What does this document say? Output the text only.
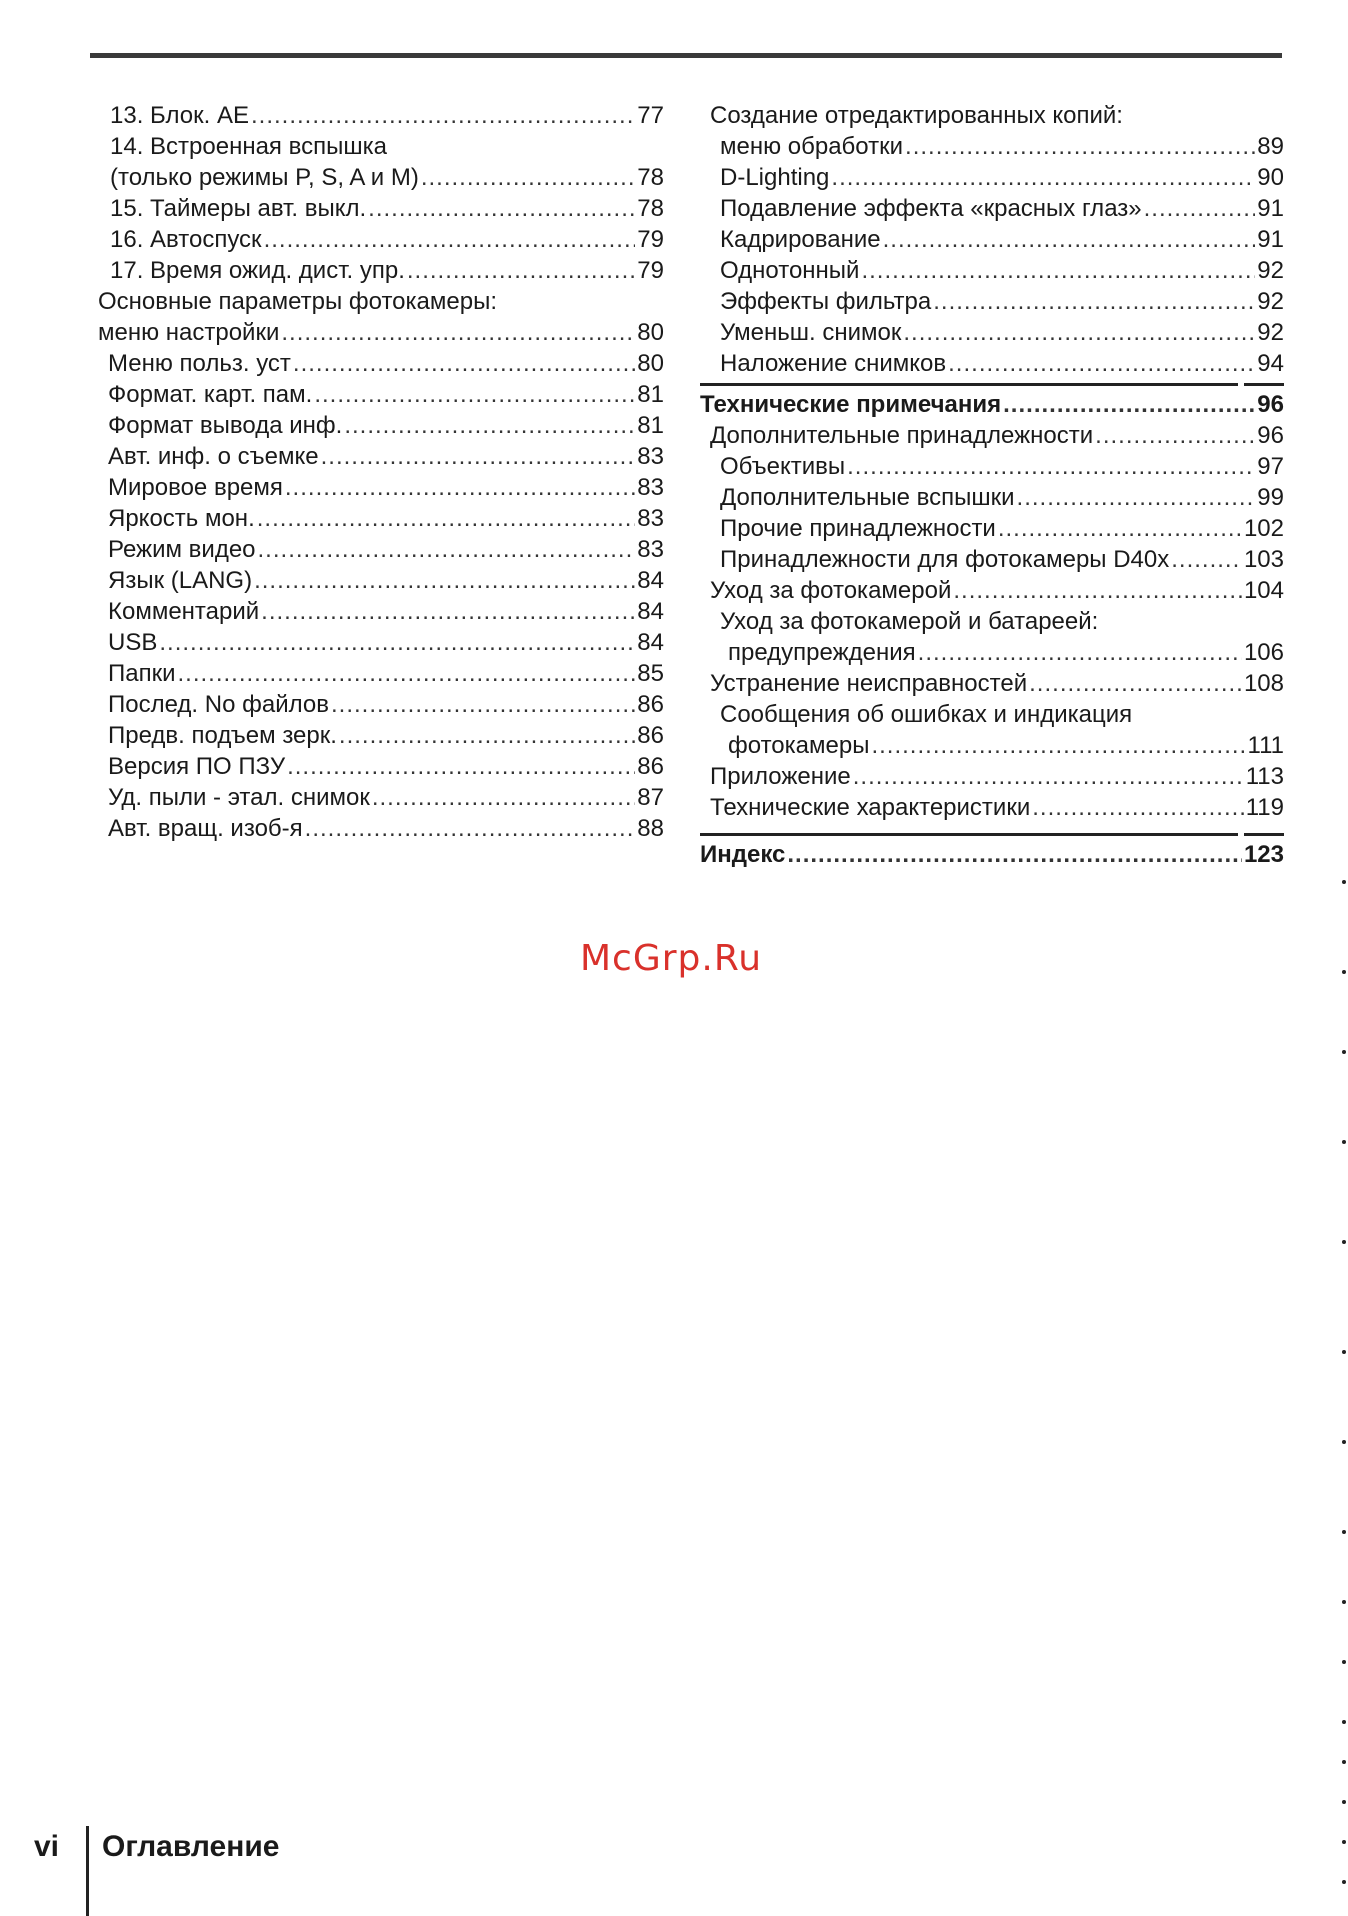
13. Блок. AE .....	77
14. Встроенная вспышка
(только режимы P, S, A и M) .....	78
15. Таймеры авт. выкл. .....	78
16. Автоспуск .....	79
17. Время ожид. дист. упр. .....	79
Основные параметры фотокамеры:
меню настройки .....	80
Меню польз. уст .....	80
Формат. карт. пам. .....	81
Формат вывода инф. .....	81
Авт. инф. о съемке .....	83
Мировое время .....	83
Яркость мон. .....	83
Режим видео .....	83
Язык (LANG) .....	84
Комментарий .....	84
USB .....	84
Папки .....	85
Послед. No файлов .....	86
Предв. подъем зерк. .....	86
Версия ПО ПЗУ .....	86
Уд. пыли - этал. снимок .....	87
Авт. вращ. изоб-я .....	88
Создание отредактированных копий:
меню обработки .....	89
D-Lighting .....	90
Подавление эффекта «красных глаз» .....	91
Кадрирование .....	91
Однотонный .....	92
Эффекты фильтра .....	92
Уменьш. снимок .....	92
Наложение снимков .....	94
Технические примечания .....	96
Дополнительные принадлежности .....	96
Объективы .....	97
Дополнительные вспышки .....	99
Прочие принадлежности .....	102
Принадлежности для фотокамеры D40x .....	103
Уход за фотокамерой .....	104
Уход за фотокамерой и батареей:
предупреждения .....	106
Устранение неисправностей .....	108
Сообщения об ошибках и индикация
фотокамеры .....	111
Приложение .....	113
Технические характеристики .....	119
Индекс .....	123
McGrp.Ru
vi Оглавление
